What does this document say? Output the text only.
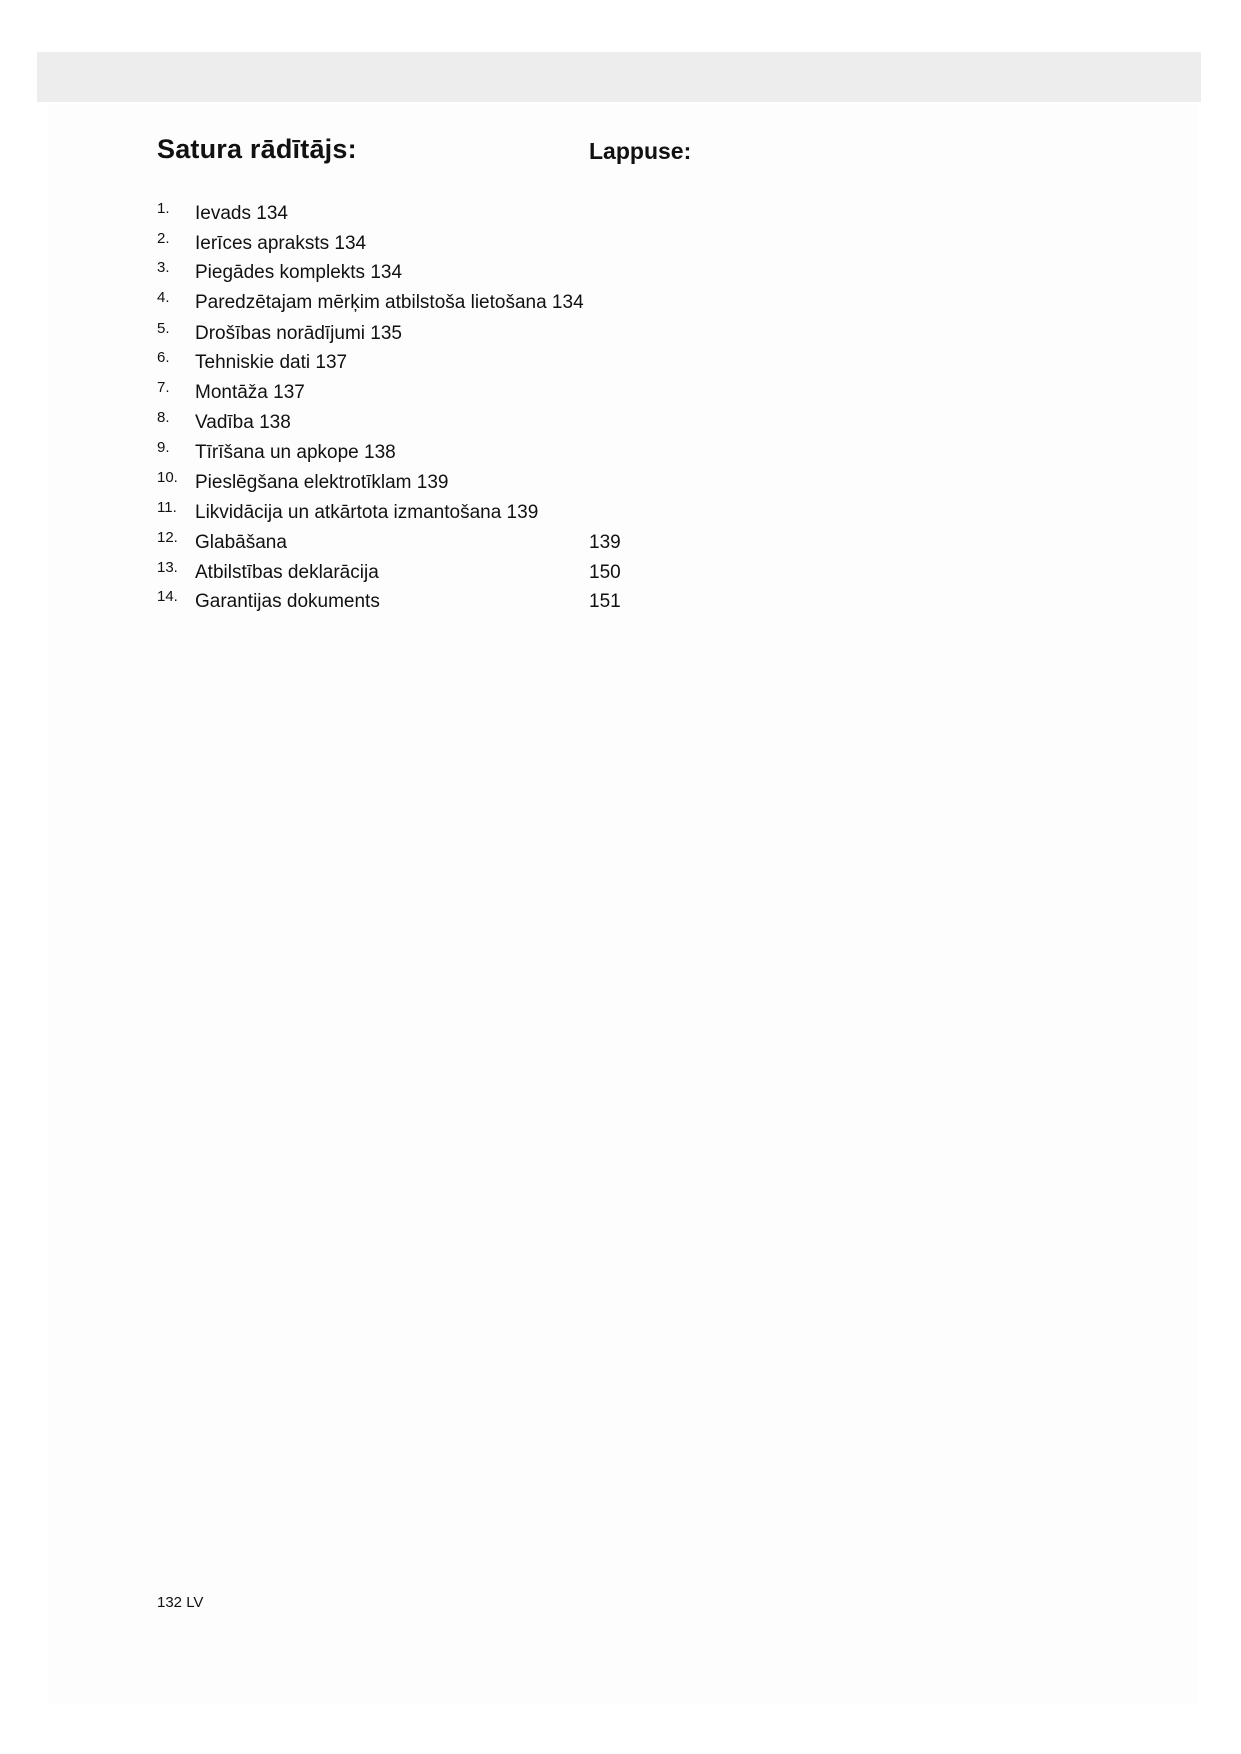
Satura rādītājs:	Lappuse:
1. Ievads 134
2. Ierīces apraksts 134
3. Piegādes komplekts 134
4. Paredzētajam mērķim atbilstoša lietošana 134
5. Drošības norādījumi 135
6. Tehniskie dati 137
7. Montāža 137
8. Vadība 138
9. Tīrīšana un apkope 138
10. Pieslēgšana elektrotīklam 139
11. Likvidācija un atkārtota izmantošana 139
12. Glabāšana	139
13. Atbilstības deklarācija	150
14. Garantijas dokuments	151
132 LV
